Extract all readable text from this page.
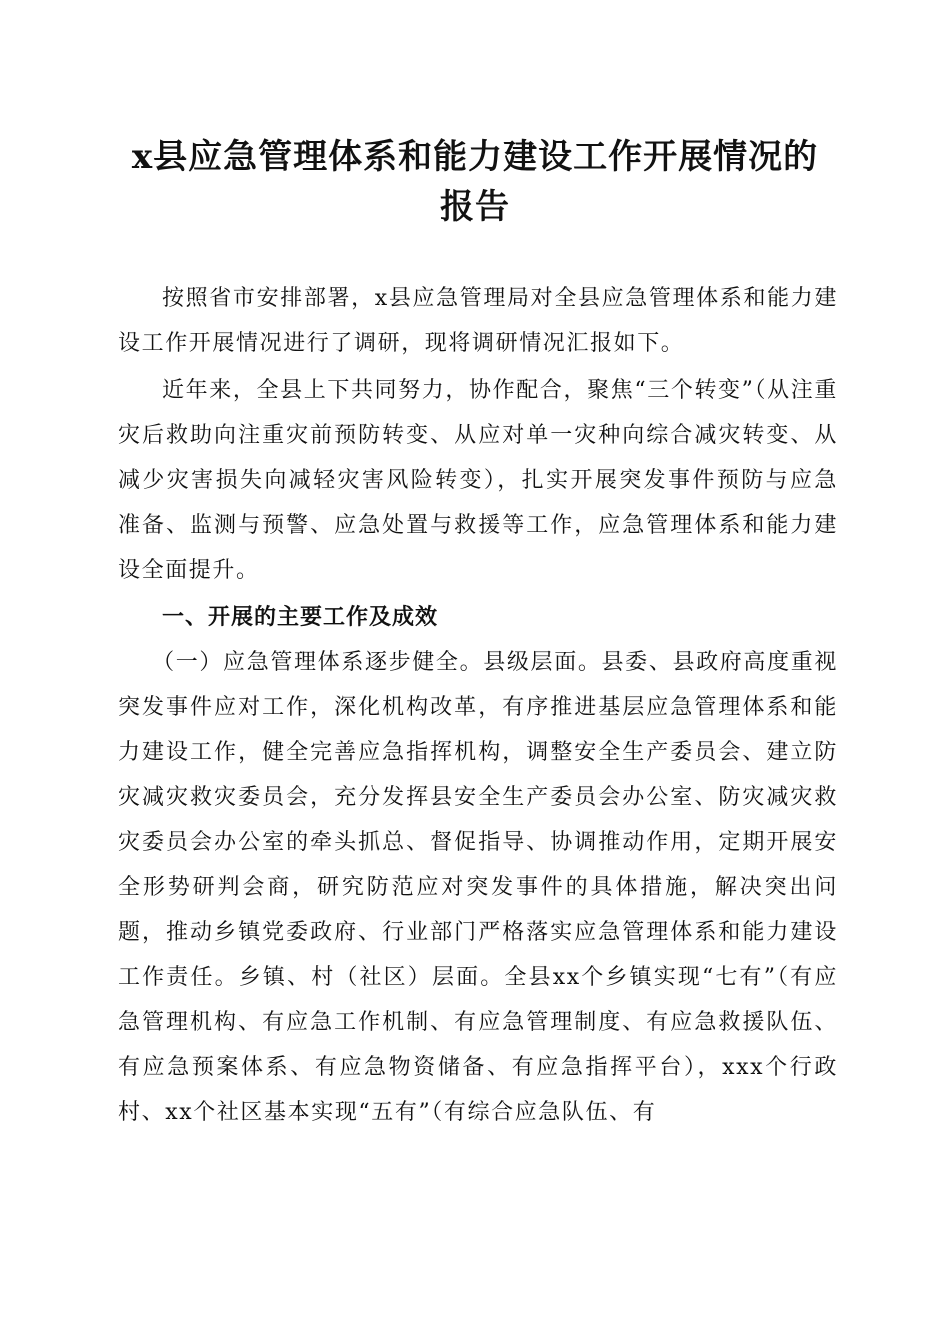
x县应急管理体系和能力建设工作开展情况的
报告

按照省市安排部署，x县应急管理局对全县应急管理体系和能力建设工作开展情况进行了调研，现将调研情况汇报如下。

近年来，全县上下共同努力，协作配合，聚焦“三个转变”（从注重灾后救助向注重灾前预防转变、从应对单一灾种向综合减灾转变、从减少灾害损失向减轻灾害风险转变），扎实开展突发事件预防与应急准备、监测与预警、应急处置与救援等工作，应急管理体系和能力建设全面提升。

一、开展的主要工作及成效

（一）应急管理体系逐步健全。县级层面。县委、县政府高度重视突发事件应对工作，深化机构改革，有序推进基层应急管理体系和能力建设工作，健全完善应急指挥机构，调整安全生产委员会、建立防灾减灾救灾委员会，充分发挥县安全生产委员会办公室、防灾减灾救灾委员会办公室的牵头抓总、督促指导、协调推动作用，定期开展安全形势研判会商，研究防范应对突发事件的具体措施，解决突出问题，推动乡镇党委政府、行业部门严格落实应急管理体系和能力建设工作责任。乡镇、村（社区）层面。全县xx个乡镇实现“七有”（有应急管理机构、有应急工作机制、有应急管理制度、有应急救援队伍、有应急预案体系、有应急物资储备、有应急指挥平台），xxx个行政村、xx个社区基本实现“五有”（有综合应急队伍、有
